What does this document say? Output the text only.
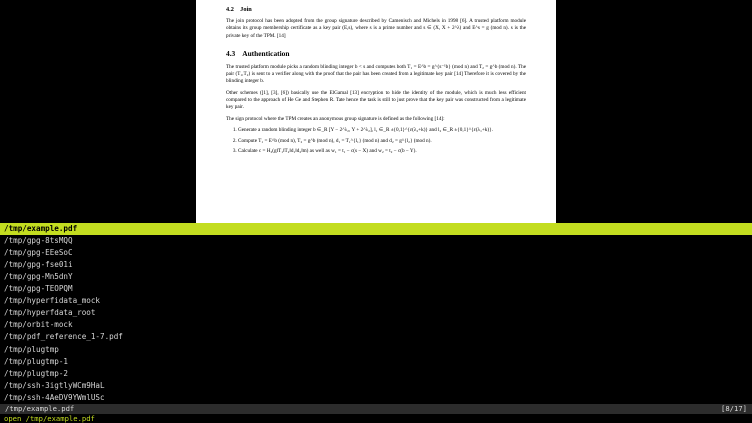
4.2 Join

The join protocol has been adopted from the group signature described by Camenisch and Michels in 1998 [6]. A trusted platform module obtains its group membership certificate as a key pair (E,s), where s is a prime number and s ∈ (X, X + 2^λ) and E^s = g (mod n). s is the private key of the TPM. [14]

4.3 Authentication

The trusted platform module picks a random blinding integer b < s and computes both T₁ = E^b = g^{s⁻¹b} (mod n) and T₂ = g^b (mod n). The pair (T₁,T₂) is sent to a verifier along with the proof that the pair has been created from a legitimate key pair [14] Therefore it is covered by the blinding integer b.

Other schemes ([1], [3], [6]) basically use the ElGamal [13] encryption to hide the identity of the module, which is much less efficient compared to the approach of He Ge and Stephen R. Tate hence the task is still to just prove that the key pair was constructed from a legitimate key pair.

The sign protocol where the TPM creates an anonymous group signature is defined as the following [14]:

1. Generate a random blinding integer b ∈_R [Y − 2^λ₂, Y + 2^λ₂], l₁ ∈_R ±{0,1}^{ε(λ₂+k)} and l₂ ∈_R ±{0,1}^{ε(λ₁+k)}.
2. Compute T₁ = E^b (mod n), T₂ = g^b (mod n), d₁ = T₁^{l₁} (mod n) and d₂ = g^{l₂} (mod n).
3. Calculate c = H₂(g‖T₁‖T₂‖d₁‖d₂‖m) as well as w₁ = t₁ − c(s − X) and w₂ = t₂ − c(b − Y).
/tmp/example.pdf
/tmp/gpg-8tsMQQ
/tmp/gpg-EEeSoC
/tmp/gpg-fse01i
/tmp/gpg-Mn5dnY
/tmp/gpg-TEOPQM
/tmp/hyperfidata_mock
/tmp/hyperfdata_root
/tmp/orbit-mock
/tmp/pdf_reference_1-7.pdf
/tmp/plugtmp
/tmp/plugtmp-1
/tmp/plugtmp-2
/tmp/ssh-3igtlyWCm9HaL
/tmp/ssh-4AeDV9YWmlUSc
/tmp/example.pdf	[8/17]
open /tmp/example.pdf
